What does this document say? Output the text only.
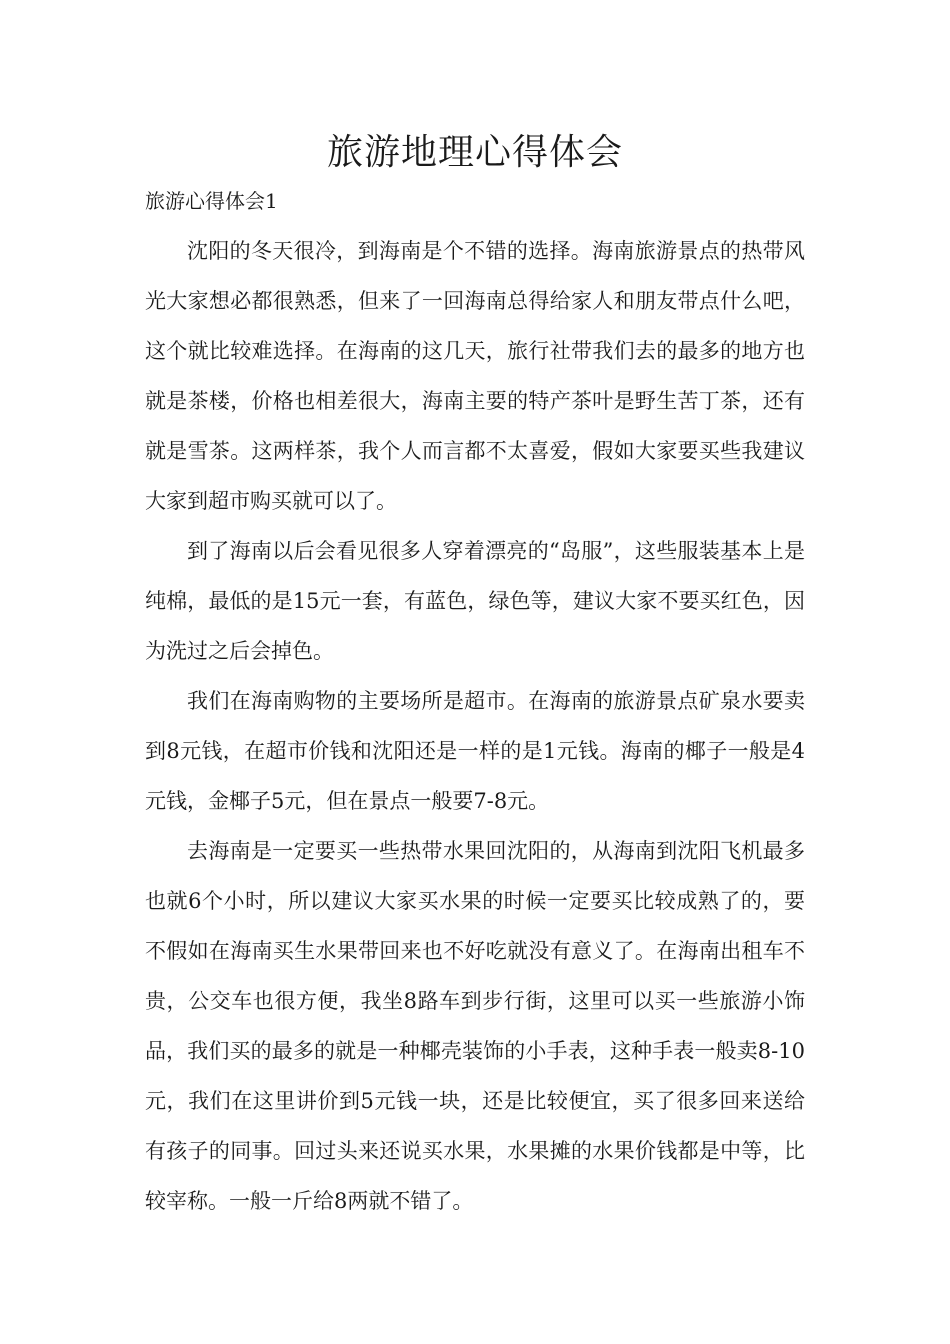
旅游地理心得体会

旅游心得体会1

沈阳的冬天很冷，到海南是个不错的选择。海南旅游景点的热带风光大家想必都很熟悉，但来了一回海南总得给家人和朋友带点什么吧，这个就比较难选择。在海南的这几天，旅行社带我们去的最多的地方也就是茶楼，价格也相差很大，海南主要的特产茶叶是野生苦丁茶，还有就是雪茶。这两样茶，我个人而言都不太喜爱，假如大家要买些我建议大家到超市购买就可以了。

到了海南以后会看见很多人穿着漂亮的“岛服”，这些服装基本上是纯棉，最低的是15元一套，有蓝色，绿色等，建议大家不要买红色，因为洗过之后会掉色。

我们在海南购物的主要场所是超市。在海南的旅游景点矿泉水要卖到8元钱，在超市价钱和沈阳还是一样的是1元钱。海南的椰子一般是4元钱，金椰子5元，但在景点一般要7-8元。

去海南是一定要买一些热带水果回沈阳的，从海南到沈阳飞机最多也就6个小时，所以建议大家买水果的时候一定要买比较成熟了的，要不假如在海南买生水果带回来也不好吃就没有意义了。在海南出租车不贵，公交车也很方便，我坐8路车到步行街，这里可以买一些旅游小饰品，我们买的最多的就是一种椰壳装饰的小手表，这种手表一般卖8-10元，我们在这里讲价到5元钱一块，还是比较便宜，买了很多回来送给有孩子的同事。回过头来还说买水果，水果摊的水果价钱都是中等，比较宰称。一般一斤给8两就不错了。
